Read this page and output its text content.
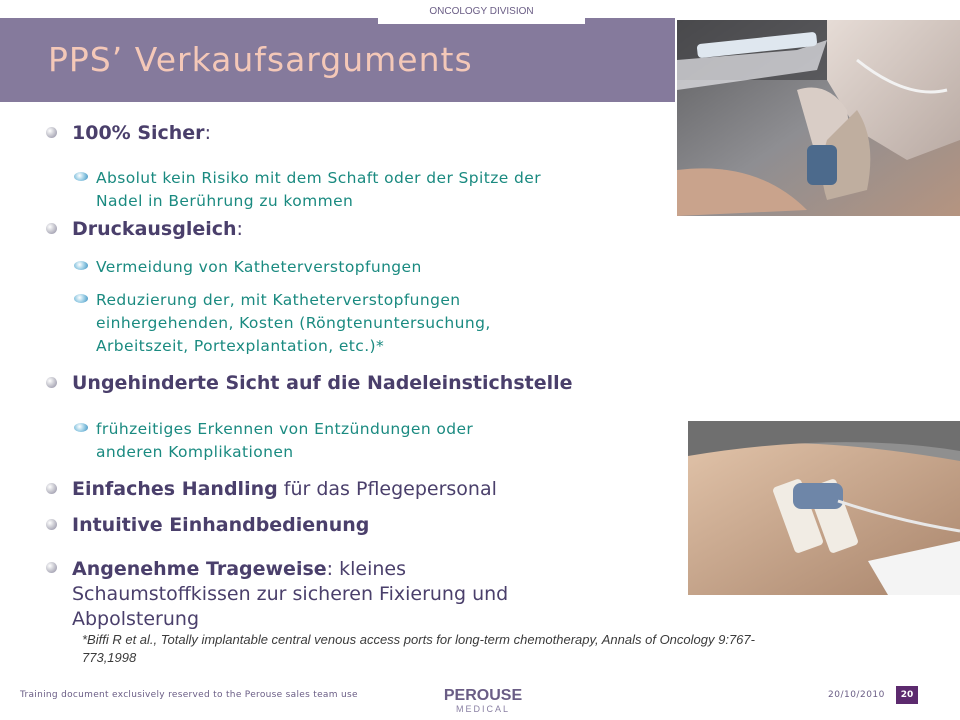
ONCOLOGY DIVISION
PPS’ Verkaufsarguments
100% Sicher:
Absolut kein Risiko mit dem Schaft oder der Spitze der
Nadel in Berührung zu kommen
Druckausgleich:
Vermeidung von Katheterverstopfungen
Reduzierung der, mit Katheterverstopfungen
einhergehenden, Kosten (Röngtenuntersuchung,
Arbeitszeit, Portexplantation, etc.)*
Ungehinderte Sicht auf die Nadeleinstichstelle
frühzeitiges Erkennen von Entzündungen oder
anderen Komplikationen
Einfaches Handling für das Pflegepersonal
Intuitive Einhandbedienung
Angenehme Trageweise: kleines
Schaumstoffkissen zur sicheren Fixierung und
Abpolsterung
*Biffi R et al., Totally implantable central venous access ports for long-term chemotherapy, Annals of Oncology 9:767-
773,1998
Training document exclusively reserved to the Perouse sales team use	PEROUSE
MEDICAL
20/10/2010	20
